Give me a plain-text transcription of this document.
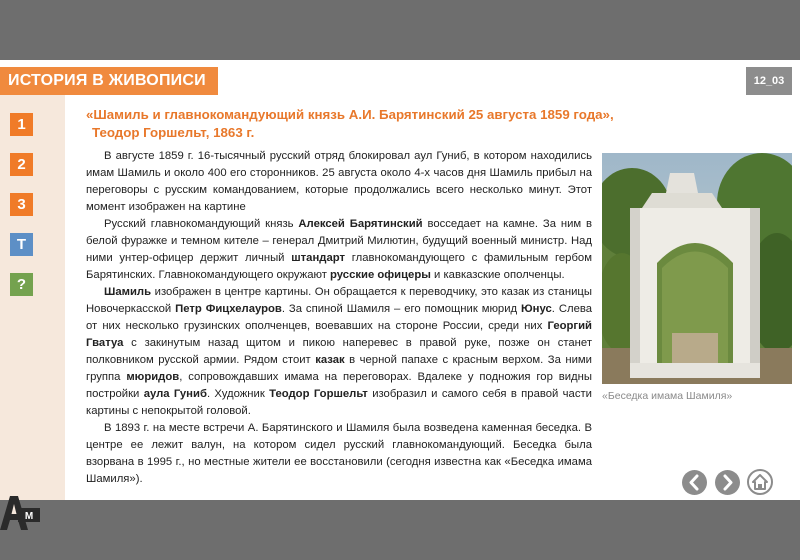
ИСТОРИЯ В ЖИВОПИСИ	12_03
1
2
3
T
?
M
«Шамиль и главнокомандующий князь А.И. Барятинский 25 августа 1859 года»,
Теодор Горшельт, 1863 г.

В августе 1859 г. 16-тысячный русский отряд блокировал аул Гуниб, в котором находились имам Шамиль и около 400 его сторонников. 25 августа около 4-х часов дня Шамиль прибыл на переговоры с русским командованием, которые продолжались всего несколько минут. Этот момент изображен на картине

Русский главнокомандующий князь Алексей Барятинский восседает на камне. За ним в белой фуражке и темном кителе – генерал Дмитрий Милютин, будущий военный министр. Над ними унтер-офицер держит личный штандарт главнокомандующего с фамильным гербом Барятинских. Главнокомандующего окружают русские офицеры и кавказские ополченцы.

Шамиль изображен в центре картины. Он обращается к переводчику, это казак из станицы Новочеркасской Петр Фицхелауров. За спиной Шамиля – его помощник мюрид Юнус. Слева от них несколько грузинских ополченцев, воевавших на стороне России, среди них Георгий Гватуа с закинутым назад щитом и пикою наперевес в правой руке, позже он станет полковником русской армии. Рядом стоит казак в черной папахе с красным верхом. За ними группа мюридов, сопровождавших имама на переговорах. Вдалеке у подножия гор видны постройки аула Гуниб. Художник Теодор Горшельт изобразил и самого себя в правой части картины с непокрытой головой.

В 1893 г. на месте встречи А. Барятинского и Шамиля была возведена каменная беседка. В центре ее лежит валун, на котором сидел русский главнокомандующий. Беседка была взорвана в 1995 г., но местные жители ее восстановили (сегодня известна как «Беседка имама Шамиля»).

«Беседка имама Шамиля»
